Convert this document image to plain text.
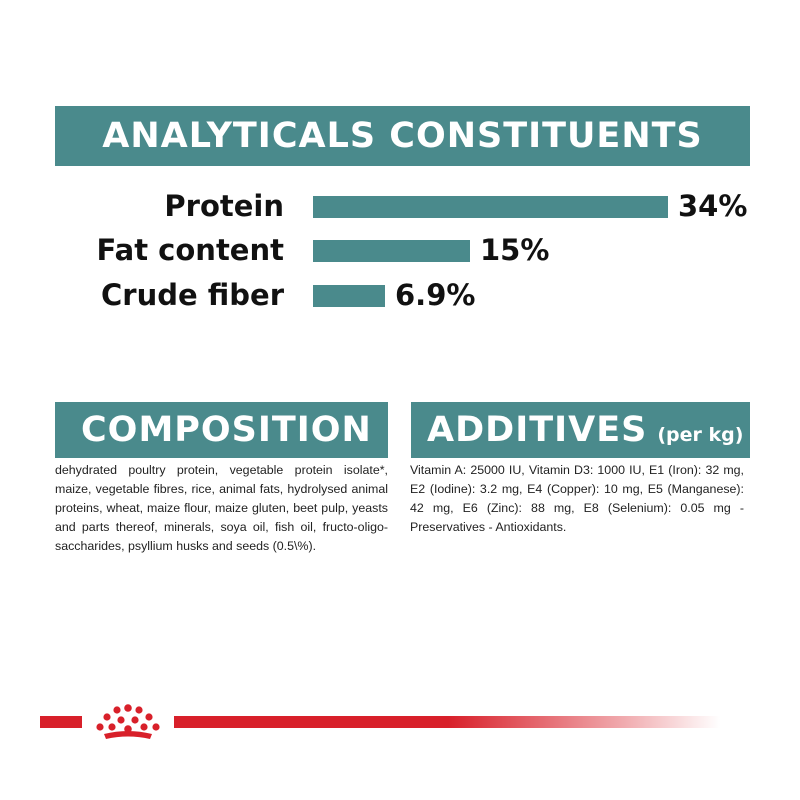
ANALYTICALS CONSTITUENTS
Protein	34%
Fat content	15%
Crude fiber	6.9%
COMPOSITION
dehydrated poultry protein, vegetable protein isolate*, maize, vegetable fibres, rice, animal fats, hydrolysed animal proteins, wheat, maize flour, maize gluten, beet pulp, yeasts and parts thereof, minerals, soya oil, fish oil, fructo-oligo-saccharides, psyllium husks and seeds (0.5\%).
ADDITIVES (per kg)
Vitamin A: 25000 IU, Vitamin D3: 1000 IU, E1 (Iron): 32 mg, E2 (Iodine): 3.2 mg, E4 (Copper): 10 mg, E5 (Manganese): 42 mg, E6 (Zinc): 88 mg, E8 (Selenium): 0.05 mg - Preservatives - Antioxidants.
